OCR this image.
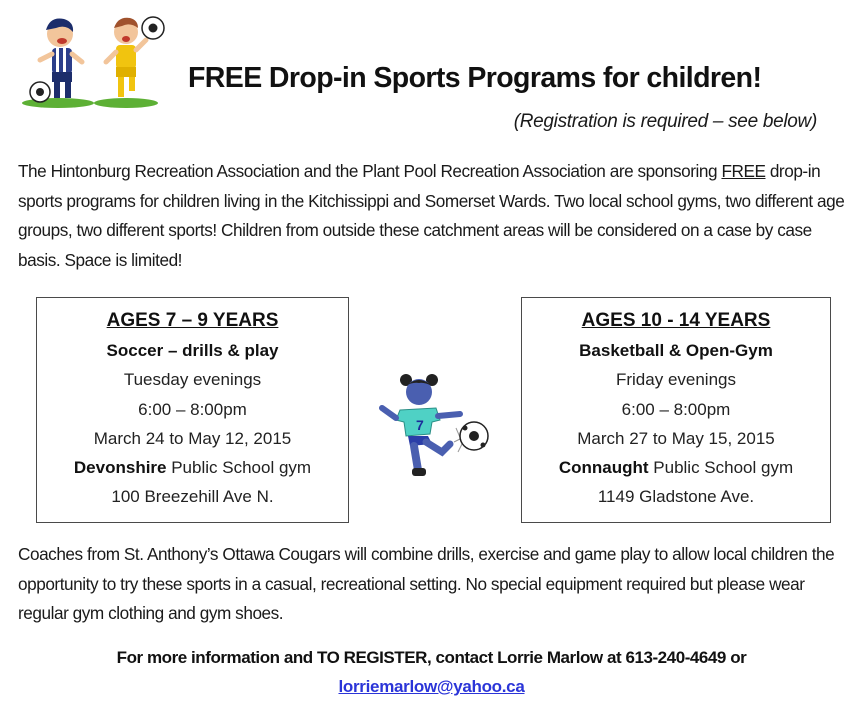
FREE Drop-in Sports Programs for children!
(Registration is required – see below)
The Hintonburg Recreation Association and the Plant Pool Recreation Association are sponsoring FREE drop-in sports programs for children living in the Kitchissippi and Somerset Wards. Two local school gyms, two different age groups, two different sports! Children from outside these catchment areas will be considered on a case by case basis. Space is limited!
AGES 7 – 9 YEARS
Soccer – drills & play
Tuesday evenings
6:00 – 8:00pm
March 24 to May 12, 2015
Devonshire Public School gym
100 Breezehill Ave N.
7
AGES 10 - 14 YEARS
Basketball & Open-Gym
Friday evenings
6:00 – 8:00pm
March 27 to May 15, 2015
Connaught Public School gym
1149 Gladstone Ave.
Coaches from St. Anthony’s Ottawa Cougars will combine drills, exercise and game play to allow local children the opportunity to try these sports in a casual, recreational setting. No special equipment required but please wear regular gym clothing and gym shoes.
For more information and TO REGISTER, contact Lorrie Marlow at 613-240-4649 or
lorriemarlow@yahoo.ca
